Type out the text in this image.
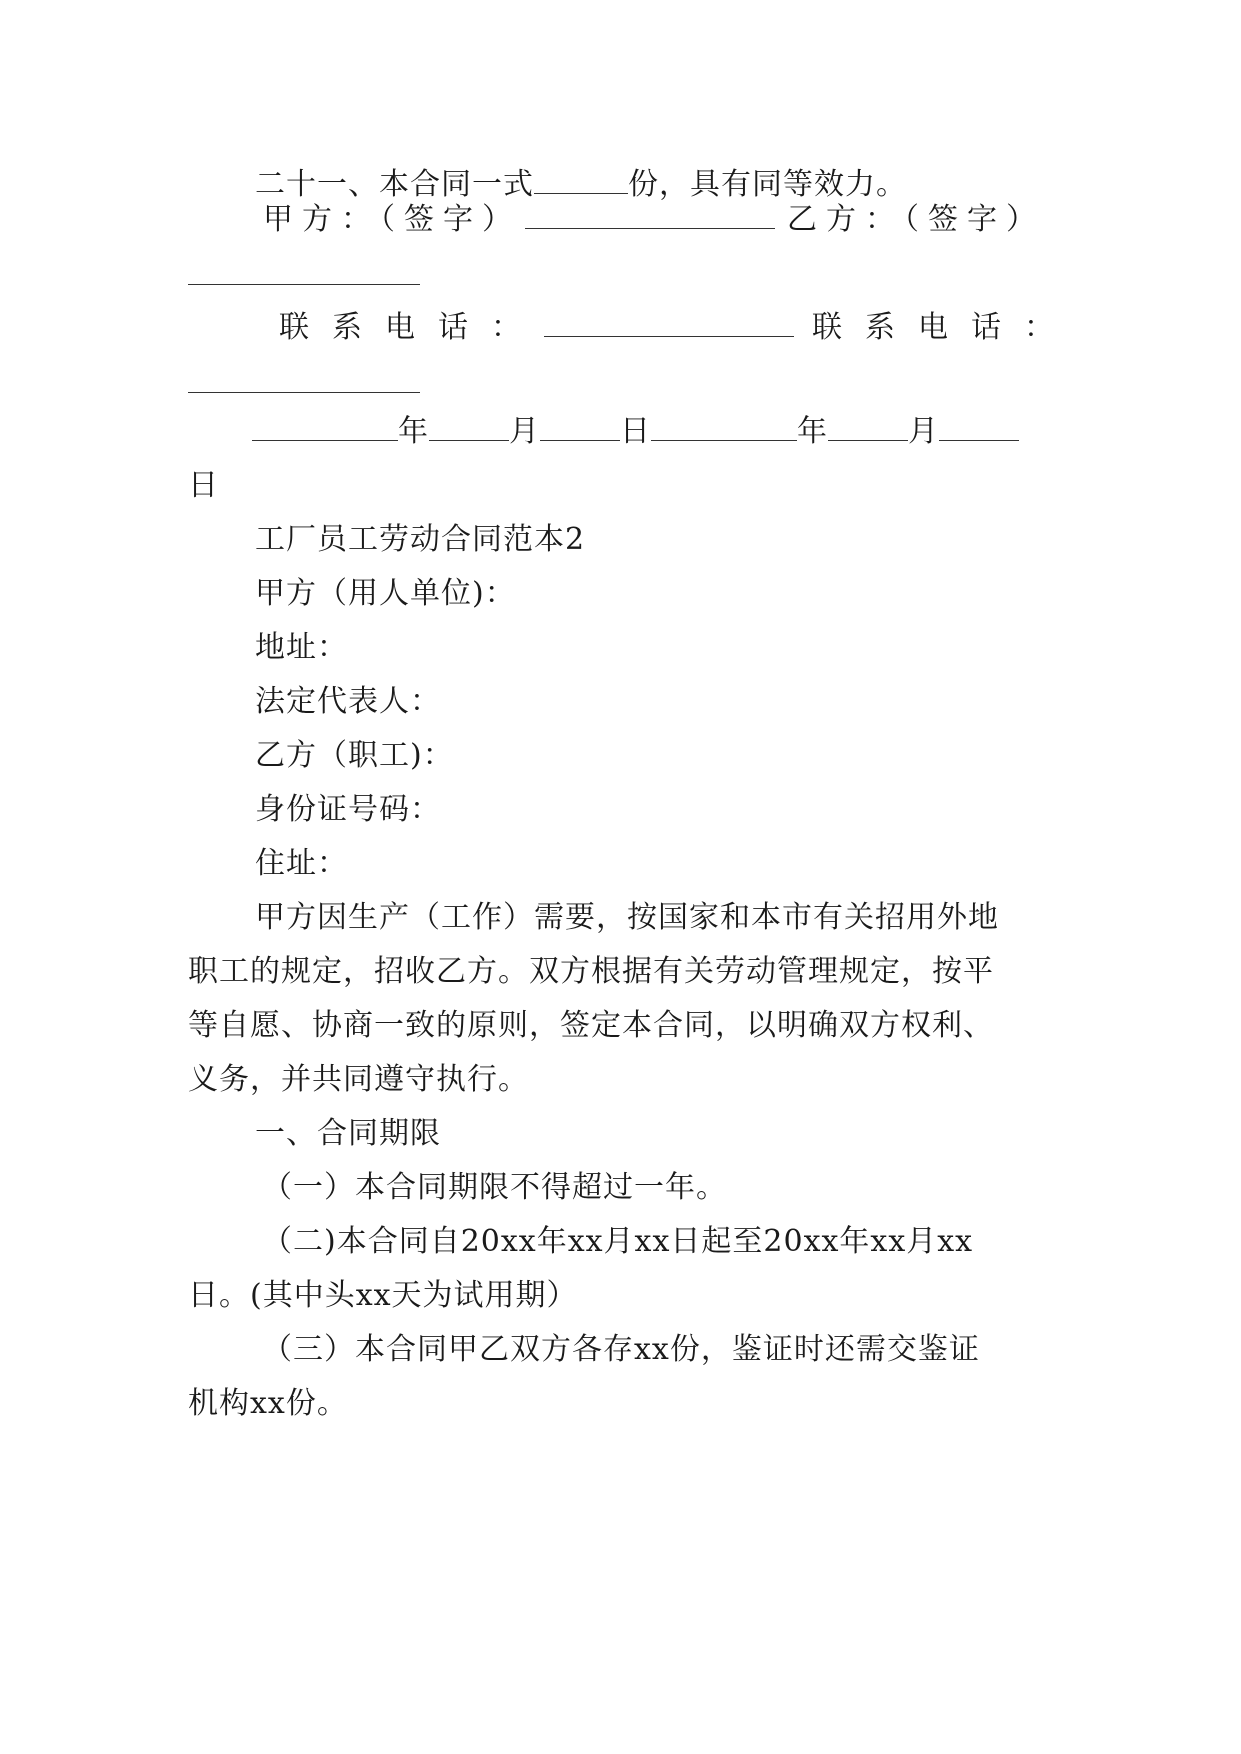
二十一、本合同一式	份，具有同等效力。
甲方：（签字）	乙方：（签字）
联系电话：	联系电话：
年	月	日	年	月
日
工厂员工劳动合同范本2
甲方（用人单位)：
地址：
法定代表人：
乙方（职工)：
身份证号码：
住址：
甲方因生产（工作）需要，按国家和本市有关招用外地
职工的规定，招收乙方。双方根据有关劳动管理规定，按平
等自愿、协商一致的原则，签定本合同，以明确双方权利、
义务，并共同遵守执行。
一、合同期限
（一）本合同期限不得超过一年。
（二)本合同自20xx年xx月xx日起至20xx年xx月xx
日。(其中头xx天为试用期）
（三）本合同甲乙双方各存xx份，鉴证时还需交鉴证
机构xx份。
